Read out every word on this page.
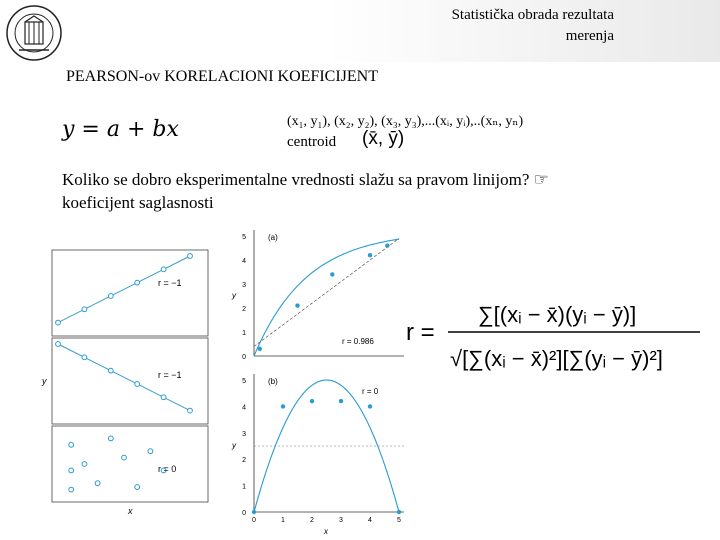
Statistička obrada rezultata
merenja
PEARSON-ov KORELACIONI KOEFICIJENT
y = a + bx	(x₁, y₁), (x₂, y₂), (x₃, y₃),...(xᵢ, yᵢ),..(xₙ, yₙ)
centroid (x̄, ȳ)
Koliko se dobro eksperimentalne vrednosti slažu sa pravom linijom? ☞
koeficijent saglasnosti
r = −1
r = −1
r = 0
y
x
(a)
r = 0.986
y
0
1
2
3
4
5
(b)
r = 0
y
x
0
1
2
3
4
5
0	1	2	3	4	5
r =
∑[(xᵢ − x̄)(yᵢ − ȳ)]
√[∑(xᵢ − x̄)²][∑(yᵢ − ȳ)²]
